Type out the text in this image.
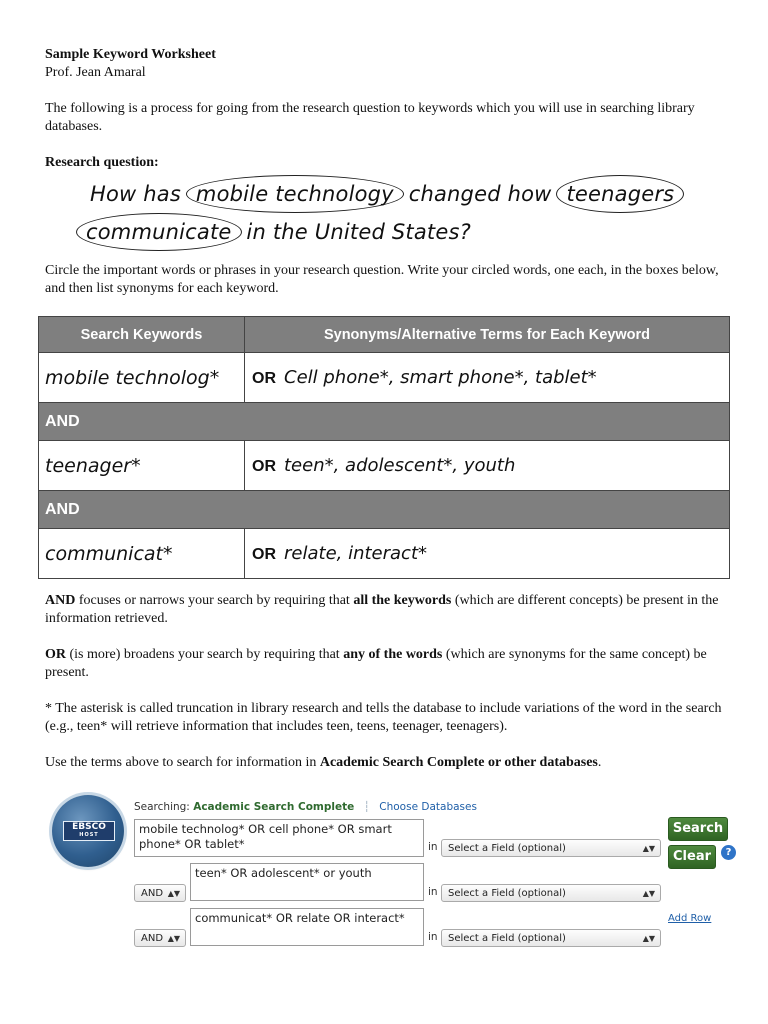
Sample Keyword Worksheet

Prof. Jean Amaral

The following is a process for going from the research question to keywords which you will use in searching library databases.

Research question:

How has mobile technology changed how teenagers
communicate in the United States?

Circle the important words or phrases in your research question. Write your circled words, one each, in the boxes below, and then list synonyms for each keyword.

Search Keywords	Synonyms/Alternative Terms for Each Keyword
mobile technolog*	OR Cell phone*, smart phone*, tablet*
AND	
teenager*	OR teen*, adolescent*, youth
AND	
communicat*	OR relate, interact*

AND focuses or narrows your search by requiring that all the keywords (which are different concepts) be present in the information retrieved.

OR (is more) broadens your search by requiring that any of the words (which are synonyms for the same concept) be present.

* The asterisk is called truncation in library research and tells the database to include variations of the word in the search (e.g., teen* will retrieve information that includes teen, teens, teenager, teenagers).

Use the terms above to search for information in Academic Search Complete or other databases.

EBSCO
HOST
Searching: Academic Search Complete ┆ Choose Databases
mobile technolog* OR cell phone* OR smart phone* OR tablet*	in	Select a Field (optional)	▲▼
AND ▲▼
teen* OR adolescent* or youth
in	Select a Field (optional)	▲▼
AND ▲▼
communicat* OR relate OR interact*
in	Select a Field (optional)	▲▼
Search
Clear	?
Add Row
